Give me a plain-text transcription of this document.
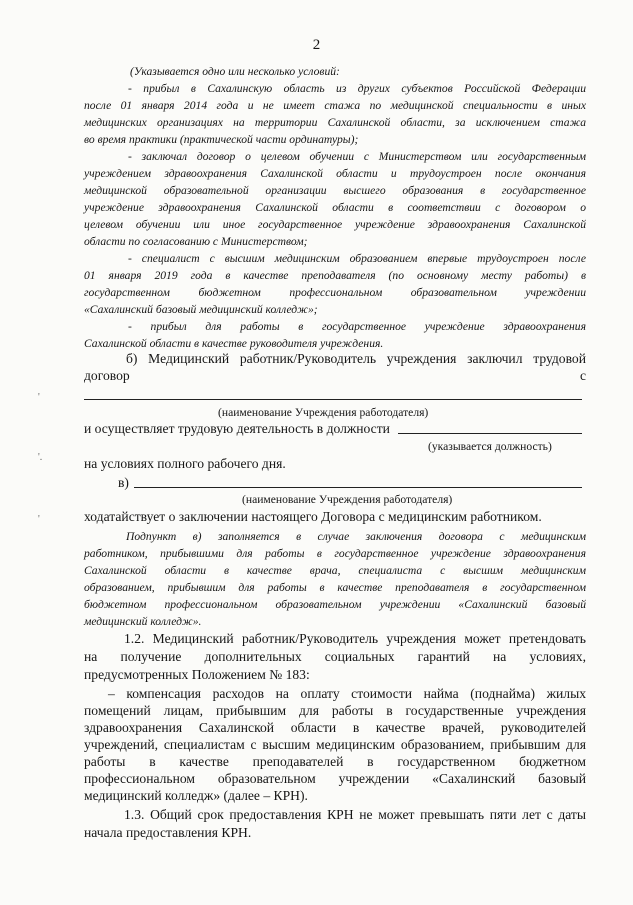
2
(Указывается одно или несколько условий:
- прибыл в Сахалинскую область из других субъектов Российской Федерации
после 01 января 2014 года и не имеет стажа по медицинской специальности в иных
медицинских организациях на территории Сахалинской области, за исключением стажа
во время практики (практической части ординатуры);
- заключал договор о целевом обучении с Министерством или государственным
учреждением здравоохранения Сахалинской области и трудоустроен после окончания
медицинской образовательной организации высшего образования в государственное
учреждение здравоохранения Сахалинской области в соответствии с договором о
целевом обучении или иное государственное учреждение здравоохранения Сахалинской
области по согласованию с Министерством;
- специалист с высшим медицинским образованием впервые трудоустроен после
01 января 2019 года в качестве преподавателя (по основному месту работы) в
государственном бюджетном профессиональном образовательном учреждении
«Сахалинский базовый медицинский колледж»;
- прибыл для работы в государственное учреждение здравоохранения
Сахалинской области в качестве руководителя учреждения.
б) Медицинский работник/Руководитель учреждения заключил трудовой
договор	с
(наименование Учреждения работодателя)
и осуществляет трудовую деятельность в должности
(указывается должность)
на условиях полного рабочего дня.
в)
(наименование Учреждения работодателя)
ходатайствует о заключении настоящего Договора с медицинским работником.
Подпункт в) заполняется в случае заключения договора с медицинским
работником, прибывшими для работы в государственное учреждение здравоохранения
Сахалинской области в качестве врача, специалиста с высшим медицинским
образованием, прибывшим для работы в качестве преподавателя в государственном
бюджетном профессиональном образовательном учреждении «Сахалинский базовый
медицинский колледж».
1.2. Медицинский работник/Руководитель учреждения может претендовать
на получение дополнительных социальных гарантий на условиях,
предусмотренных Положением № 183:
– компенсация расходов на оплату стоимости найма (поднайма) жилых
помещений лицам, прибывшим для работы в государственные учреждения
здравоохранения Сахалинской области в качестве врачей, руководителей
учреждений, специалистам с высшим медицинским образованием, прибывшим для
работы в качестве преподавателей в государственном бюджетном
профессиональном образовательном учреждении «Сахалинский базовый
медицинский колледж» (далее – КРН).
1.3. Общий срок предоставления КРН не может превышать пяти лет с даты
начала предоставления КРН.
'
'.
'
